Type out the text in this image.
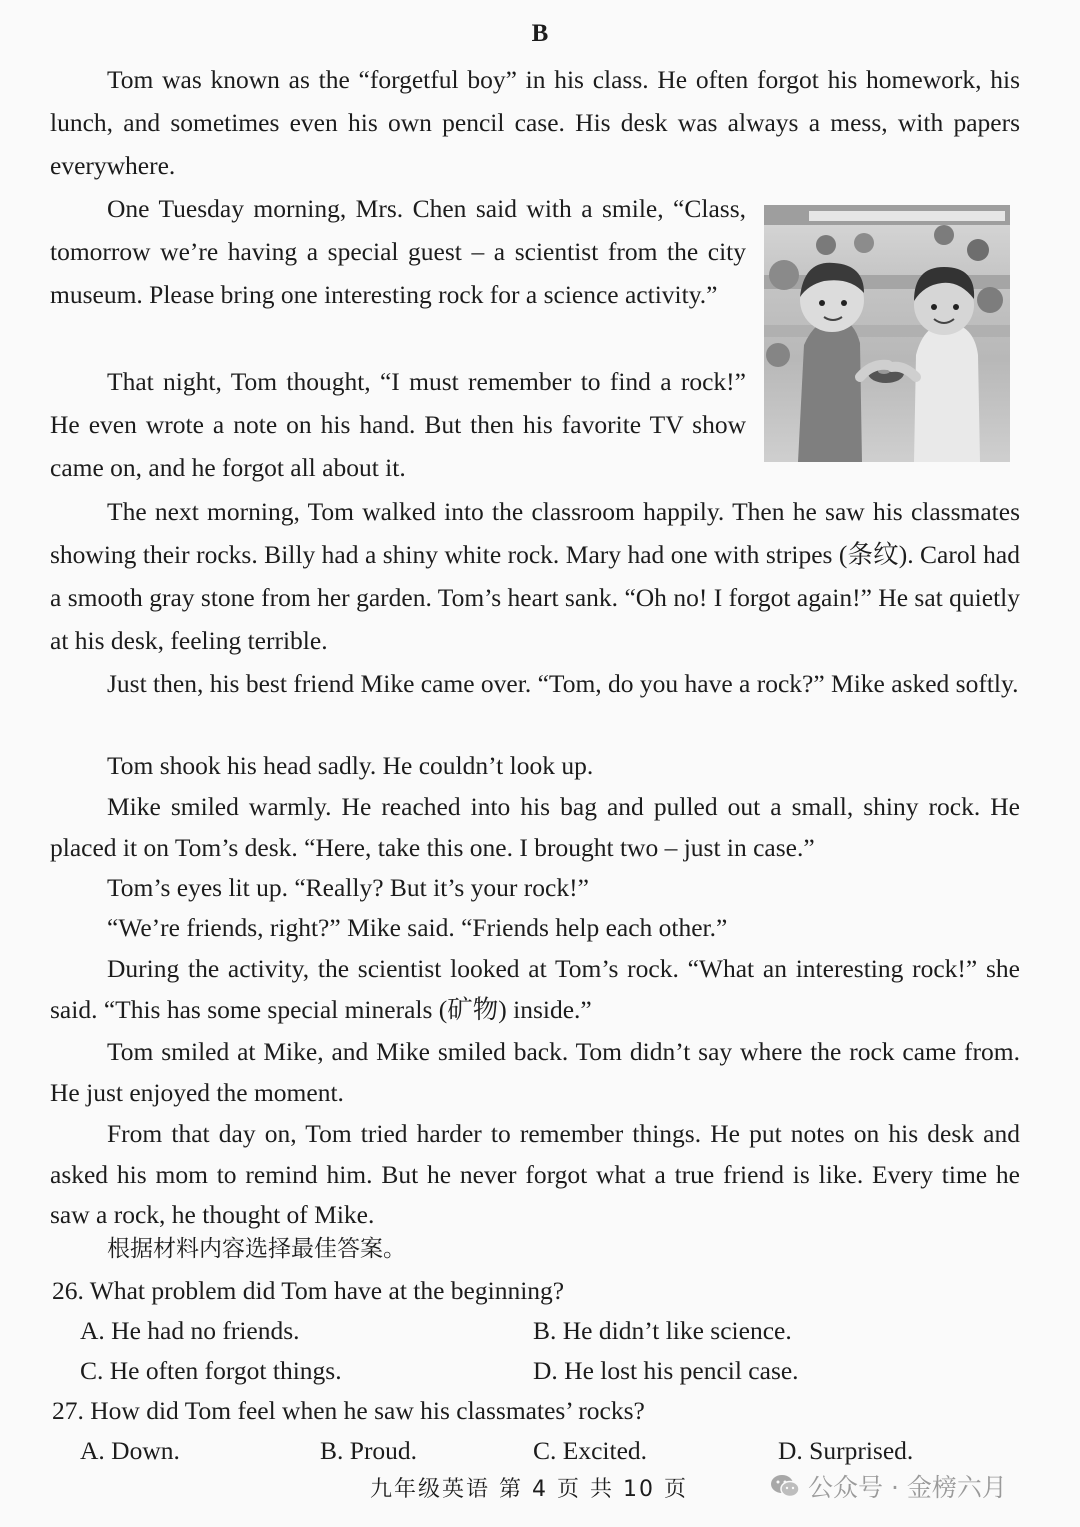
B

Tom was known as the “forgetful boy” in his class. He often forgot his homework, his lunch, and sometimes even his own pencil case. His desk was always a mess, with papers everywhere.

One Tuesday morning, Mrs. Chen said with a smile, “Class, tomorrow we’re having a special guest – a scientist from the city museum. Please bring one interesting rock for a science activity.”

That night, Tom thought, “I must remember to find a rock!” He even wrote a note on his hand. But then his favorite TV show came on, and he forgot all about it.

The next morning, Tom walked into the classroom happily. Then he saw his classmates showing their rocks. Billy had a shiny white rock. Mary had one with stripes (条纹). Carol had a smooth gray stone from her garden. Tom’s heart sank. “Oh no! I forgot again!” He sat quietly at his desk, feeling terrible.

Just then, his best friend Mike came over. “Tom, do you have a rock?” Mike asked softly.

Tom shook his head sadly. He couldn’t look up.

Mike smiled warmly. He reached into his bag and pulled out a small, shiny rock. He placed it on Tom’s desk. “Here, take this one. I brought two – just in case.”

Tom’s eyes lit up. “Really? But it’s your rock!”

“We’re friends, right?” Mike said. “Friends help each other.”

During the activity, the scientist looked at Tom’s rock. “What an interesting rock!” she said. “This has some special minerals (矿物) inside.”

Tom smiled at Mike, and Mike smiled back. Tom didn’t say where the rock came from. He just enjoyed the moment.

From that day on, Tom tried harder to remember things. He put notes on his desk and asked his mom to remind him. But he never forgot what a true friend is like. Every time he saw a rock, he thought of Mike.

根据材料内容选择最佳答案。
26. What problem did Tom have at the beginning?
A. He had no friends.	B. He didn’t like science.
C. He often forgot things.	D. He lost his pencil case.
27. How did Tom feel when he saw his classmates’ rocks?
A. Down.	B. Proud.	C. Excited.	D. Surprised.
九年级英语 第 4 页 共 10 页	公众号 · 金榜六月
